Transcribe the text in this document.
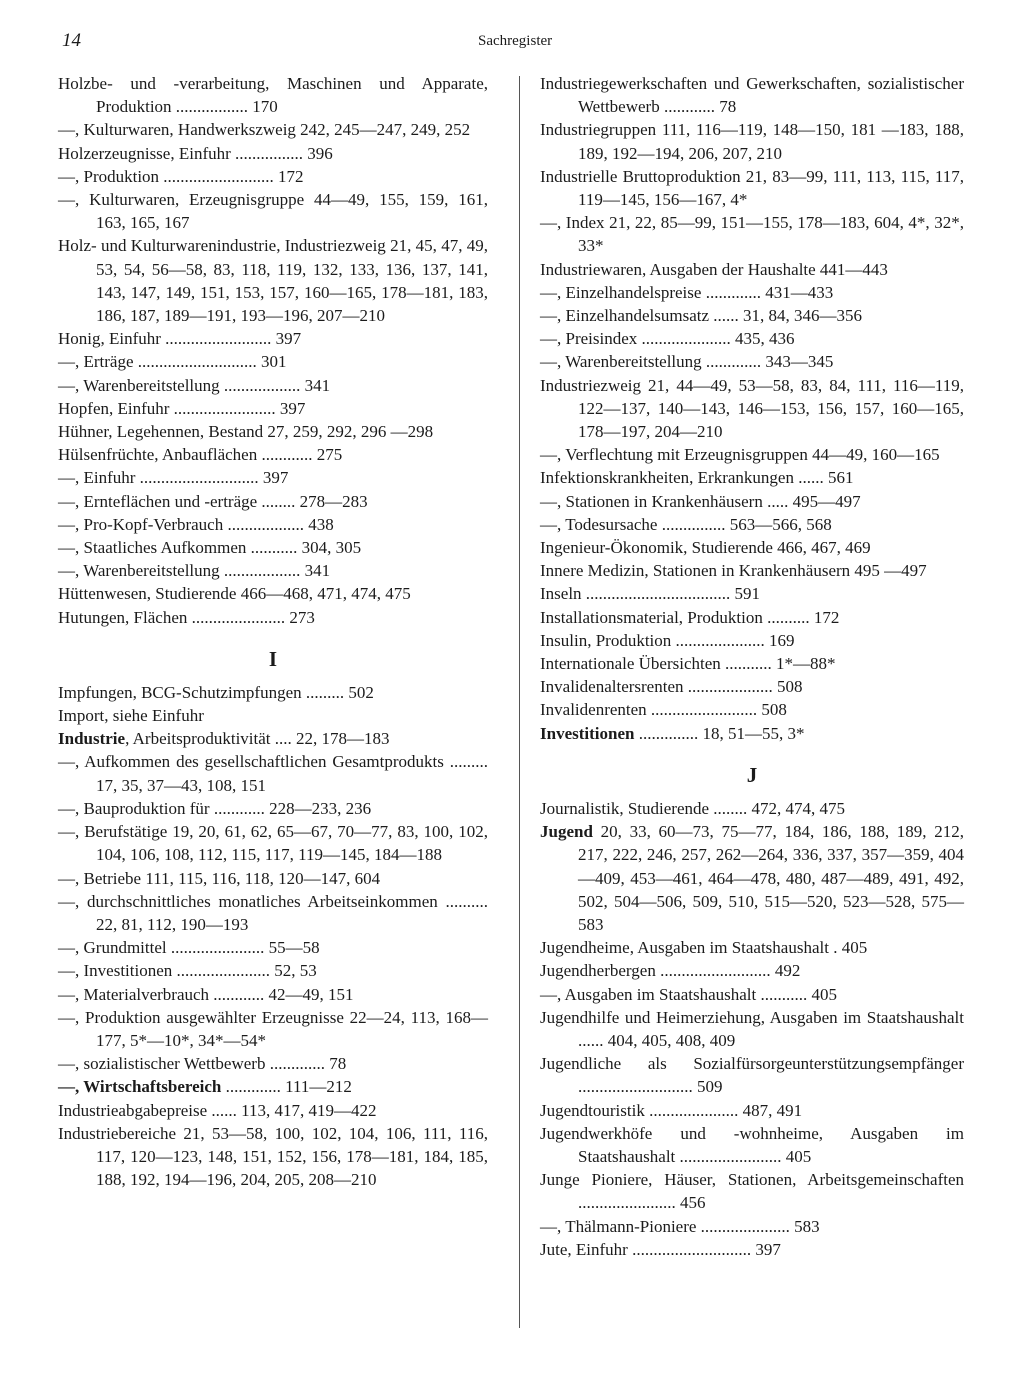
14	Sachregister
Holzbe- und -verarbeitung, Maschinen und Apparate, Produktion ................. 170
—, Kulturwaren, Handwerkszweig 242, 245—247, 249, 252
Holzerzeugnisse, Einfuhr ................ 396
—, Produktion .......................... 172
—, Kulturwaren, Erzeugnisgruppe 44—49, 155, 159, 161, 163, 165, 167
Holz- und Kulturwarenindustrie, Industriezweig 21, 45, 47, 49, 53, 54, 56—58, 83, 118, 119, 132, 133, 136, 137, 141, 143, 147, 149, 151, 153, 157, 160—165, 178—181, 183, 186, 187, 189—191, 193—196, 207—210
Honig, Einfuhr ......................... 397
—, Erträge ............................ 301
—, Warenbereitstellung .................. 341
Hopfen, Einfuhr ........................ 397
Hühner, Legehennen, Bestand 27, 259, 292, 296 —298
Hülsenfrüchte, Anbauflächen ............ 275
—, Einfuhr ............................ 397
—, Ernteflächen und -erträge ........ 278—283
—, Pro-Kopf-Verbrauch .................. 438
—, Staatliches Aufkommen ........... 304, 305
—, Warenbereitstellung .................. 341
Hüttenwesen, Studierende 466—468, 471, 474, 475
Hutungen, Flächen ...................... 273
I
Impfungen, BCG-Schutzimpfungen ......... 502
Import, siehe Einfuhr
Industrie, Arbeitsproduktivität .... 22, 178—183
—, Aufkommen des gesellschaftlichen Gesamtprodukts ......... 17, 35, 37—43, 108, 151
—, Bauproduktion für ............ 228—233, 236
—, Berufstätige 19, 20, 61, 62, 65—67, 70—77, 83, 100, 102, 104, 106, 108, 112, 115, 117, 119—145, 184—188
—, Betriebe 111, 115, 116, 118, 120—147, 604
—, durchschnittliches monatliches Arbeitseinkommen .......... 22, 81, 112, 190—193
—, Grundmittel ...................... 55—58
—, Investitionen ...................... 52, 53
—, Materialverbrauch ............ 42—49, 151
—, Produktion ausgewählter Erzeugnisse 22—24, 113, 168—177, 5*—10*, 34*—54*
—, sozialistischer Wettbewerb ............. 78
—, Wirtschaftsbereich ............. 111—212
Industrieabgabepreise ...... 113, 417, 419—422
Industriebereiche 21, 53—58, 100, 102, 104, 106, 111, 116, 117, 120—123, 148, 151, 152, 156, 178—181, 184, 185, 188, 192, 194—196, 204, 205, 208—210
Industriegewerkschaften und Gewerkschaften, sozialistischer Wettbewerb ............ 78
Industriegruppen 111, 116—119, 148—150, 181 —183, 188, 189, 192—194, 206, 207, 210
Industrielle Bruttoproduktion 21, 83—99, 111, 113, 115, 117, 119—145, 156—167, 4*
—, Index 21, 22, 85—99, 151—155, 178—183, 604, 4*, 32*, 33*
Industriewaren, Ausgaben der Haushalte 441—443
—, Einzelhandelspreise ............. 431—433
—, Einzelhandelsumsatz ...... 31, 84, 346—356
—, Preisindex ..................... 435, 436
—, Warenbereitstellung ............. 343—345
Industriezweig 21, 44—49, 53—58, 83, 84, 111, 116—119, 122—137, 140—143, 146—153, 156, 157, 160—165, 178—197, 204—210
—, Verflechtung mit Erzeugnisgruppen 44—49, 160—165
Infektionskrankheiten, Erkrankungen ...... 561
—, Stationen in Krankenhäusern ..... 495—497
—, Todesursache ............... 563—566, 568
Ingenieur-Ökonomik, Studierende 466, 467, 469
Innere Medizin, Stationen in Krankenhäusern 495 —497
Inseln .................................. 591
Installationsmaterial, Produktion .......... 172
Insulin, Produktion ..................... 169
Internationale Übersichten ........... 1*—88*
Invalidenaltersrenten .................... 508
Invalidenrenten ......................... 508
Investitionen .............. 18, 51—55, 3*
J
Journalistik, Studierende ........ 472, 474, 475
Jugend 20, 33, 60—73, 75—77, 184, 186, 188, 189, 212, 217, 222, 246, 257, 262—264, 336, 337, 357—359, 404—409, 453—461, 464—478, 480, 487—489, 491, 492, 502, 504—506, 509, 510, 515—520, 523—528, 575—583
Jugendheime, Ausgaben im Staatshaushalt . 405
Jugendherbergen .......................... 492
—, Ausgaben im Staatshaushalt ........... 405
Jugendhilfe und Heimerziehung, Ausgaben im Staatshaushalt ...... 404, 405, 408, 409
Jugendliche als Sozialfürsorgeunterstützungsempfänger ........................... 509
Jugendtouristik ..................... 487, 491
Jugendwerkhöfe und -wohnheime, Ausgaben im Staatshaushalt ........................ 405
Junge Pioniere, Häuser, Stationen, Arbeitsgemeinschaften ....................... 456
—, Thälmann-Pioniere ..................... 583
Jute, Einfuhr ............................ 397
